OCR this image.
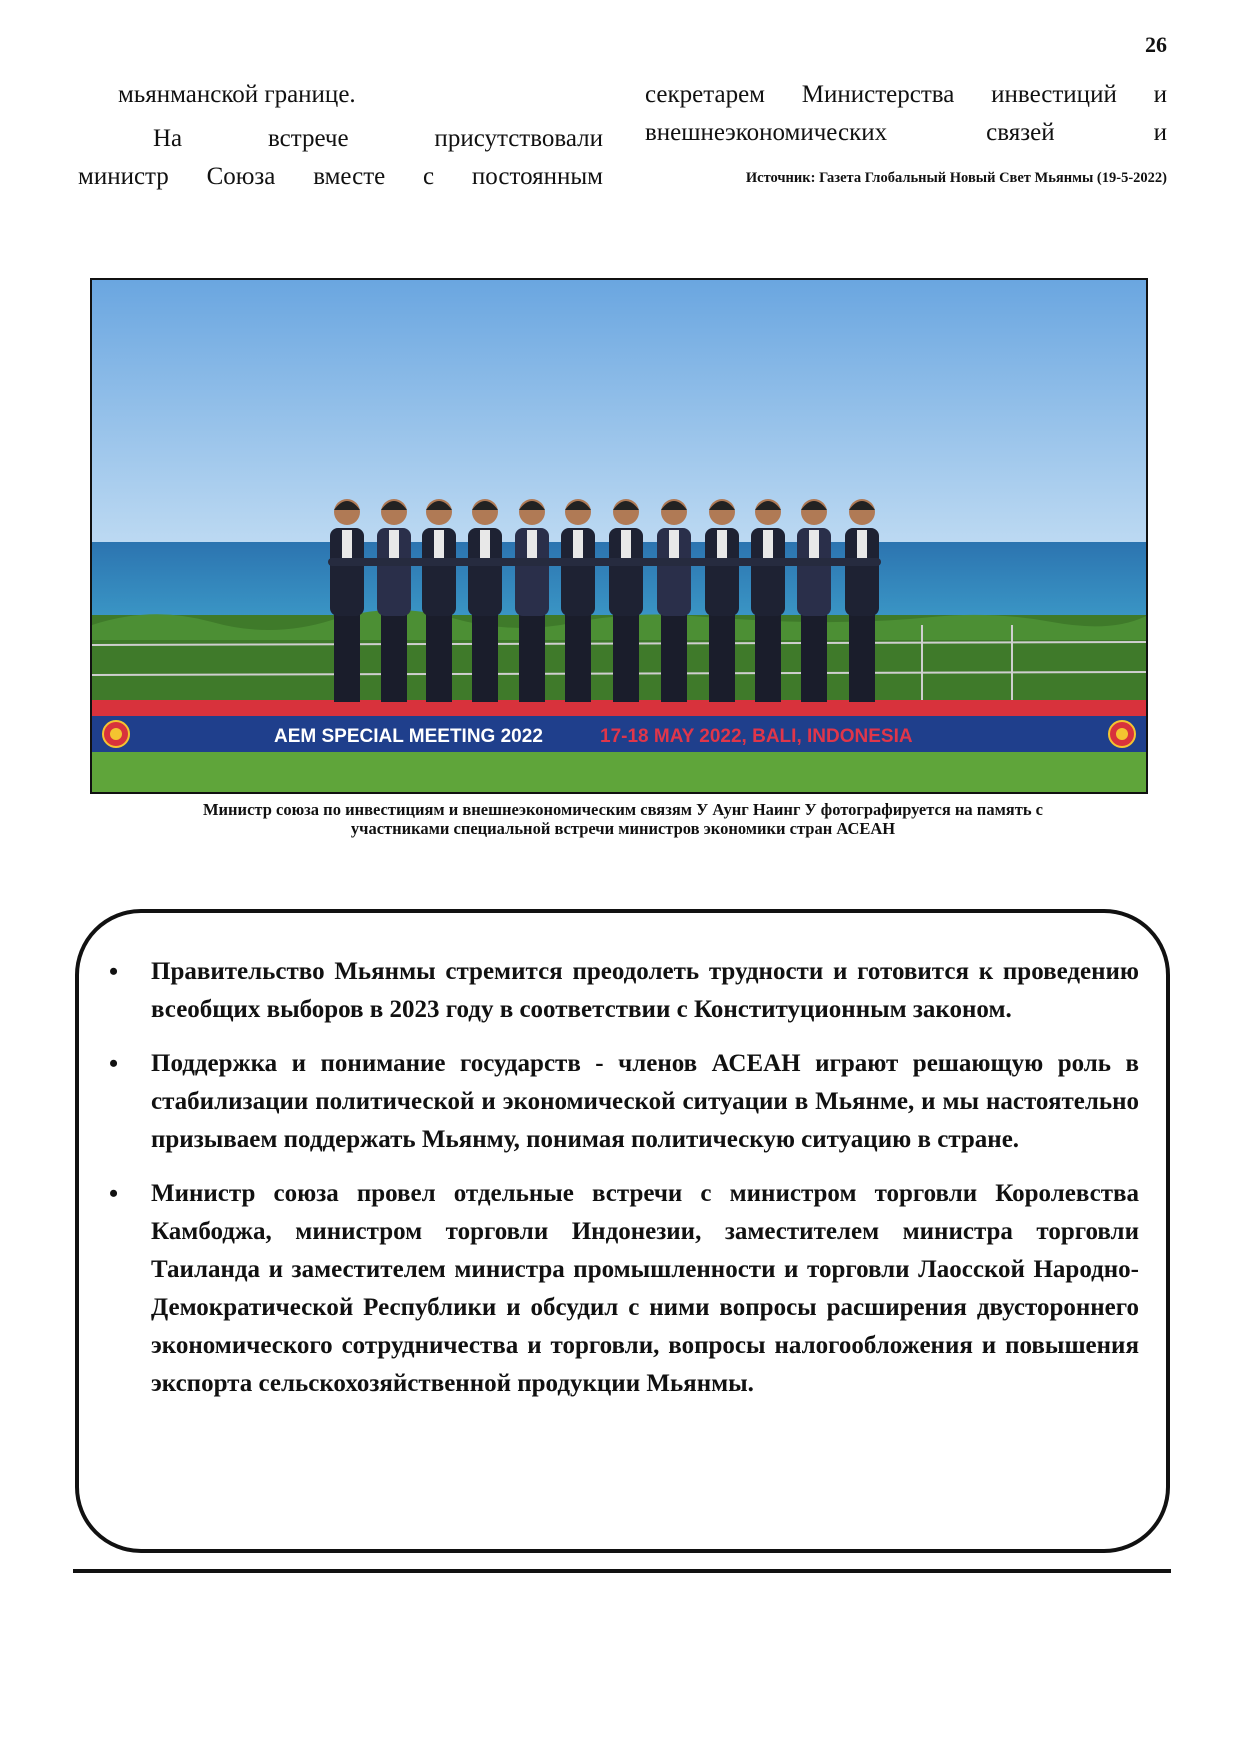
26

мьянманской границе.

На встрече присутствовали

министр Союза вместе с постоянным

секретарем Министерства инвестиций и

внешнеэкономических связей и

Источник: Газета Глобальный Новый Свет Мьянмы (19-5-2022)
AEM SPECIAL MEETING 2022	17-18 MAY 2022, BALI, INDONESIA
Министр союза по инвестициям и внешнеэкономическим связям У Аунг Наинг У фотографируется на память с
участниками специальной встречи министров экономики стран АСЕАН
• Правительство Мьянмы стремится преодолеть трудности и готовится к проведению всеобщих выборов в 2023 году в соответствии с Конституционным законом.
• Поддержка и понимание государств - членов АСЕАН играют решающую роль в стабилизации политической и экономической ситуации в Мьянме, и мы настоятельно призываем поддержать Мьянму, понимая политическую ситуацию в стране.
• Министр союза провел отдельные встречи с министром торговли Королевства Камбоджа, министром торговли Индонезии, заместителем министра торговли Таиланда и заместителем министра промышленности и торговли Лаосской Народно-Демократической Республики и обсудил с ними вопросы расширения двустороннего экономического сотрудничества и торговли, вопросы налогообложения и повышения экспорта сельскохозяйственной продукции Мьянмы.
